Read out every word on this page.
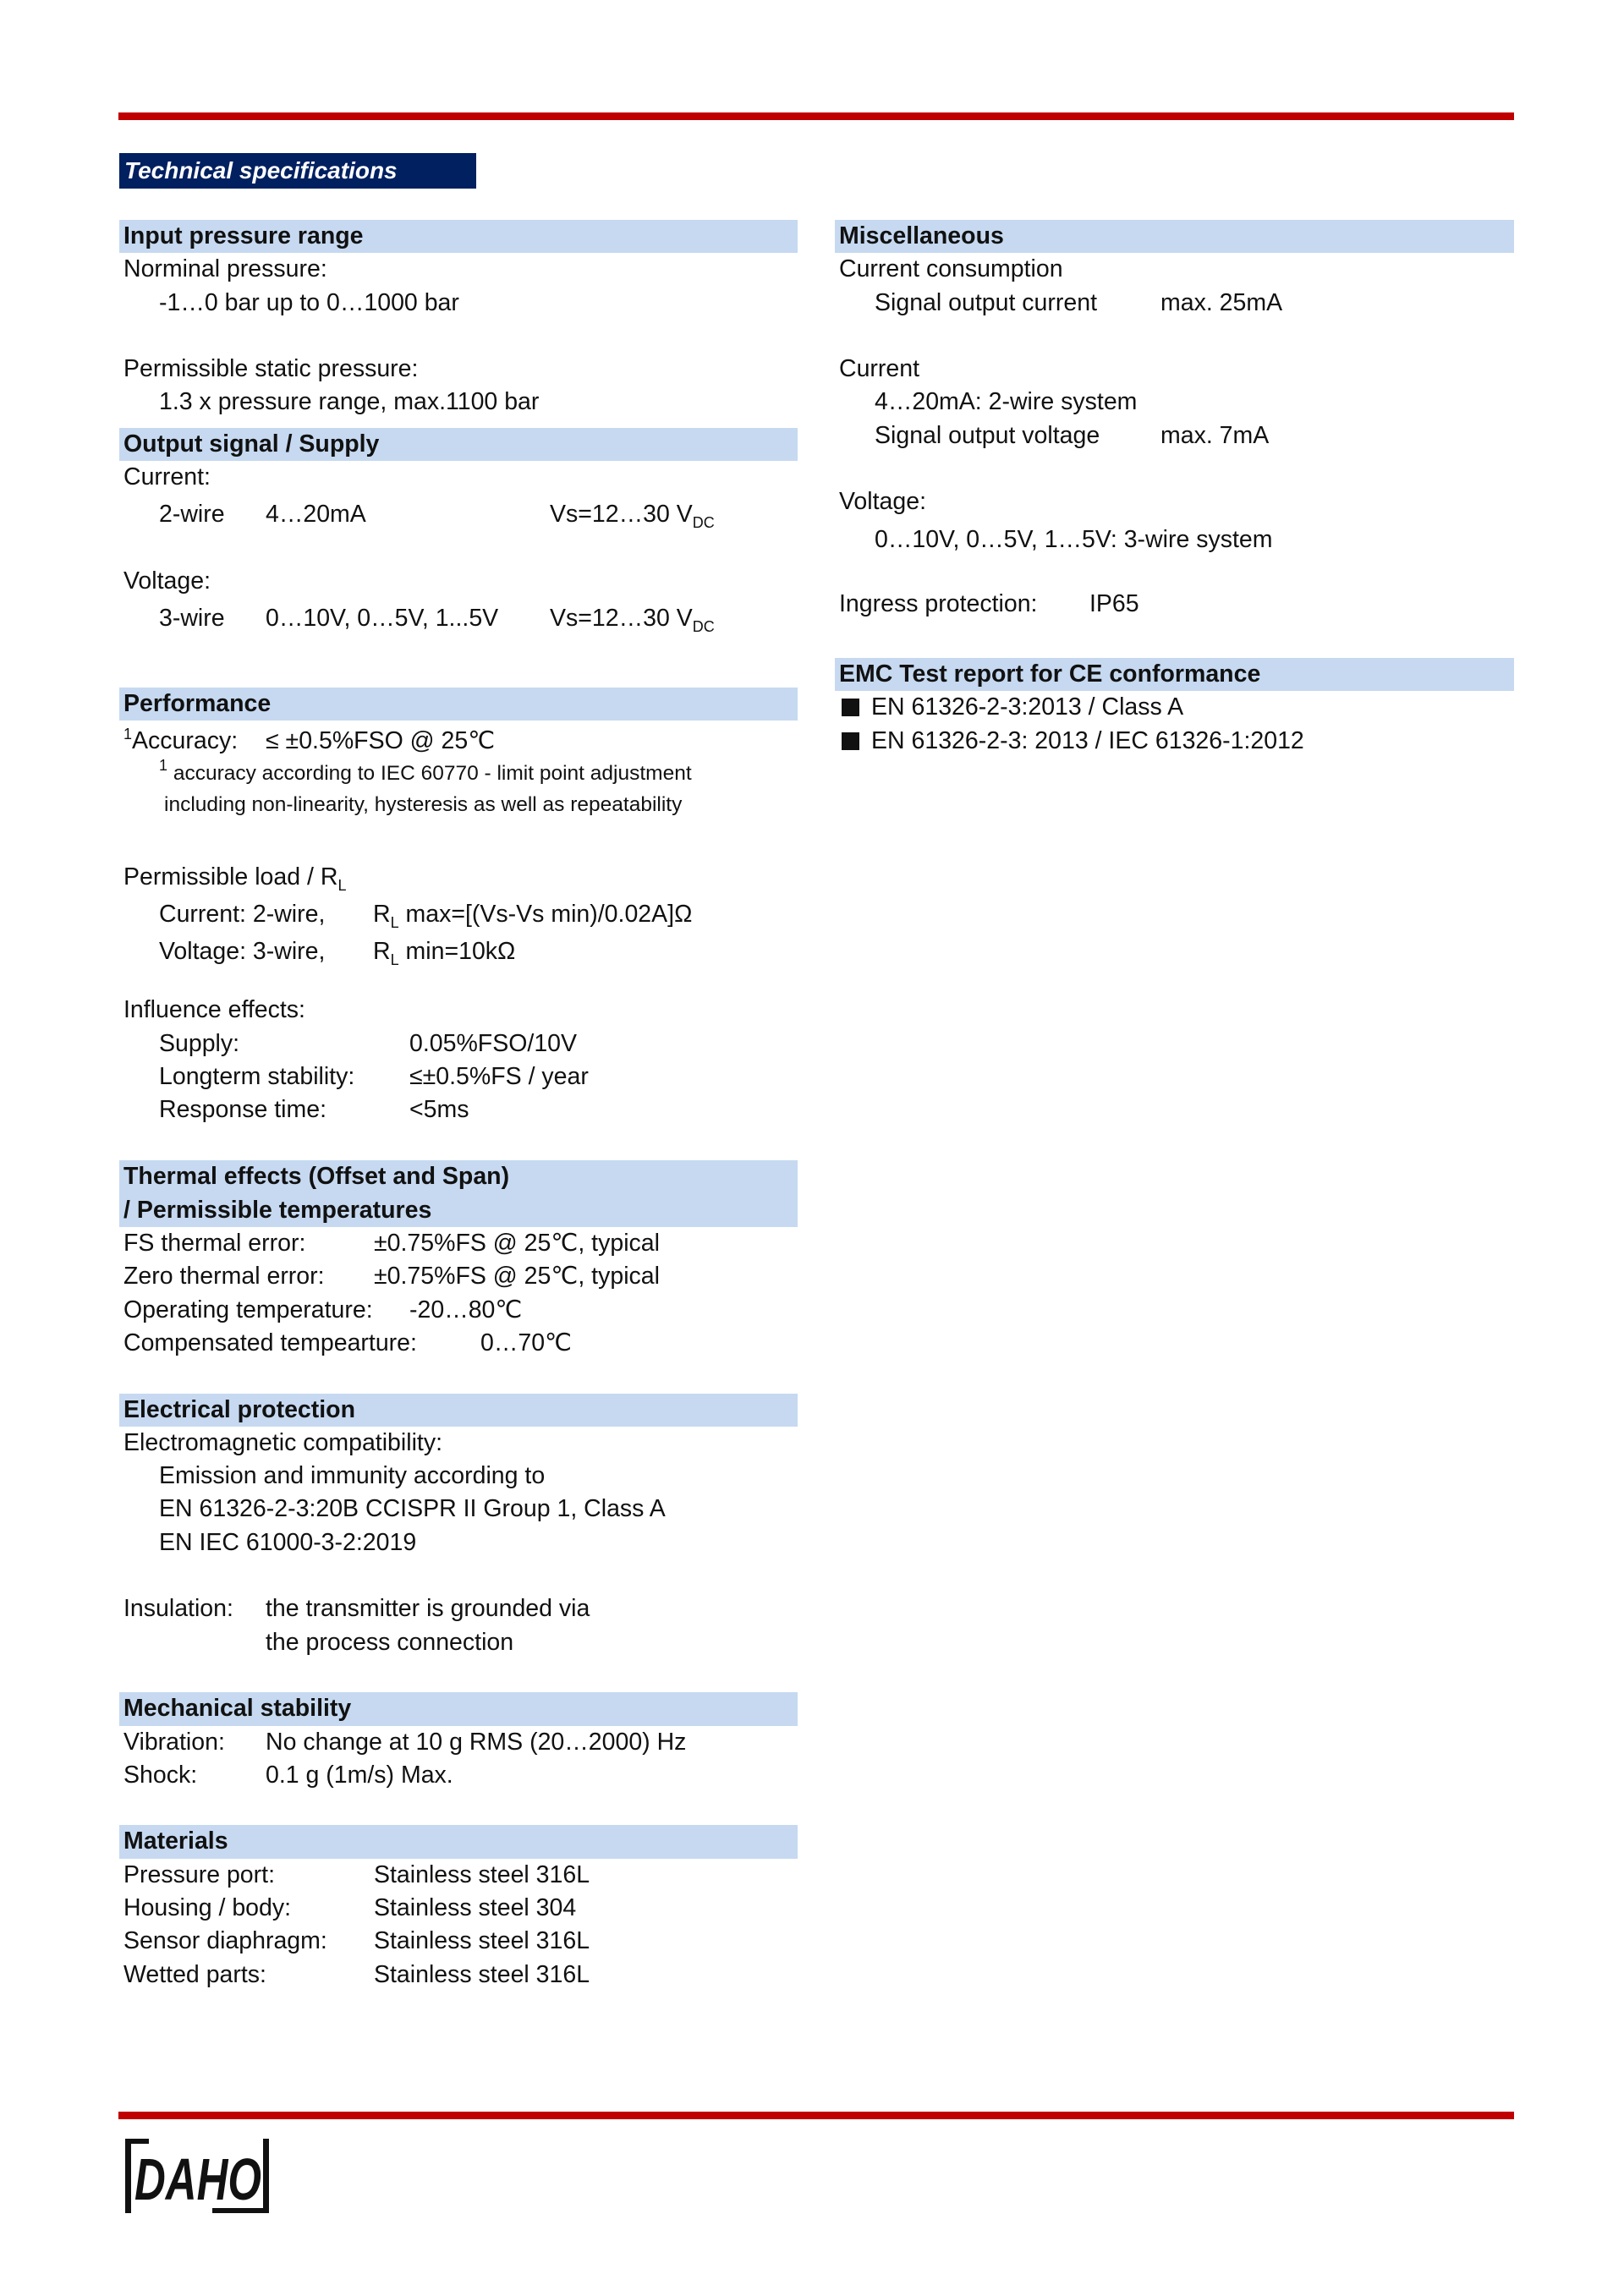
Technical specifications
Input pressure range
Norminal pressure:
-1…0 bar up to 0…1000 bar
Permissible static pressure:
1.3 x pressure range, max.1100 bar
Output signal / Supply
Current:
2-wire 4…20mA	Vs=12…30 $V_{DC}$
Voltage:
3-wire 0…10V, 0…5V, 1...5V Vs=12…30 $V_{DC}$
Performance
$^1$Accuracy: ≤ ±0.5%FSO @ 25℃
$^1$ accuracy according to IEC 60770 - limit point adjustment
including non-linearity, hysteresis as well as repeatability
Permissible load / $R_L$
Current: 2-wire, $R_L$ max=[(Vs-Vs min)/0.02A]Ω
Voltage: 3-wire, $R_L$ min=10kΩ
Influence effects:
Supply:	0.05%FSO/10V
Longterm stability: ≤±0.5%FS / year
Response time:	<5ms
Thermal effects (Offset and Span)
/ Permissible temperatures
FS thermal error:	±0.75%FS @ 25℃, typical
Zero thermal error: ±0.75%FS @ 25℃, typical
Operating temperature: -20…80℃
Compensated tempearture:	0…70℃
Electrical protection
Electromagnetic compatibility:
Emission and immunity according to
EN 61326-2-3:20B CCISPR II Group 1, Class A
EN IEC 61000-3-2:2019
Insulation: the transmitter is grounded via
the process connection
Mechanical stability
Vibration: No change at 10 g RMS (20…2000) Hz
Shock:	0.1 g (1m/s) Max.
Materials
Pressure port:	Stainless steel 316L
Housing / body:	Stainless steel 304
Sensor diaphragm: Stainless steel 316L
Wetted parts:	Stainless steel 316L
Miscellaneous
Current consumption
Signal output current	max. 25mA
Current
4…20mA: 2-wire system
Signal output voltage	max. 7mA
Voltage:
0…10V, 0…5V, 1…5V: 3-wire system
Ingress protection: IP65
EMC Test report for CE conformance
EN 61326-2-3:2013 / Class A
EN 61326-2-3: 2013 / IEC 61326-1:2012
DAHO
